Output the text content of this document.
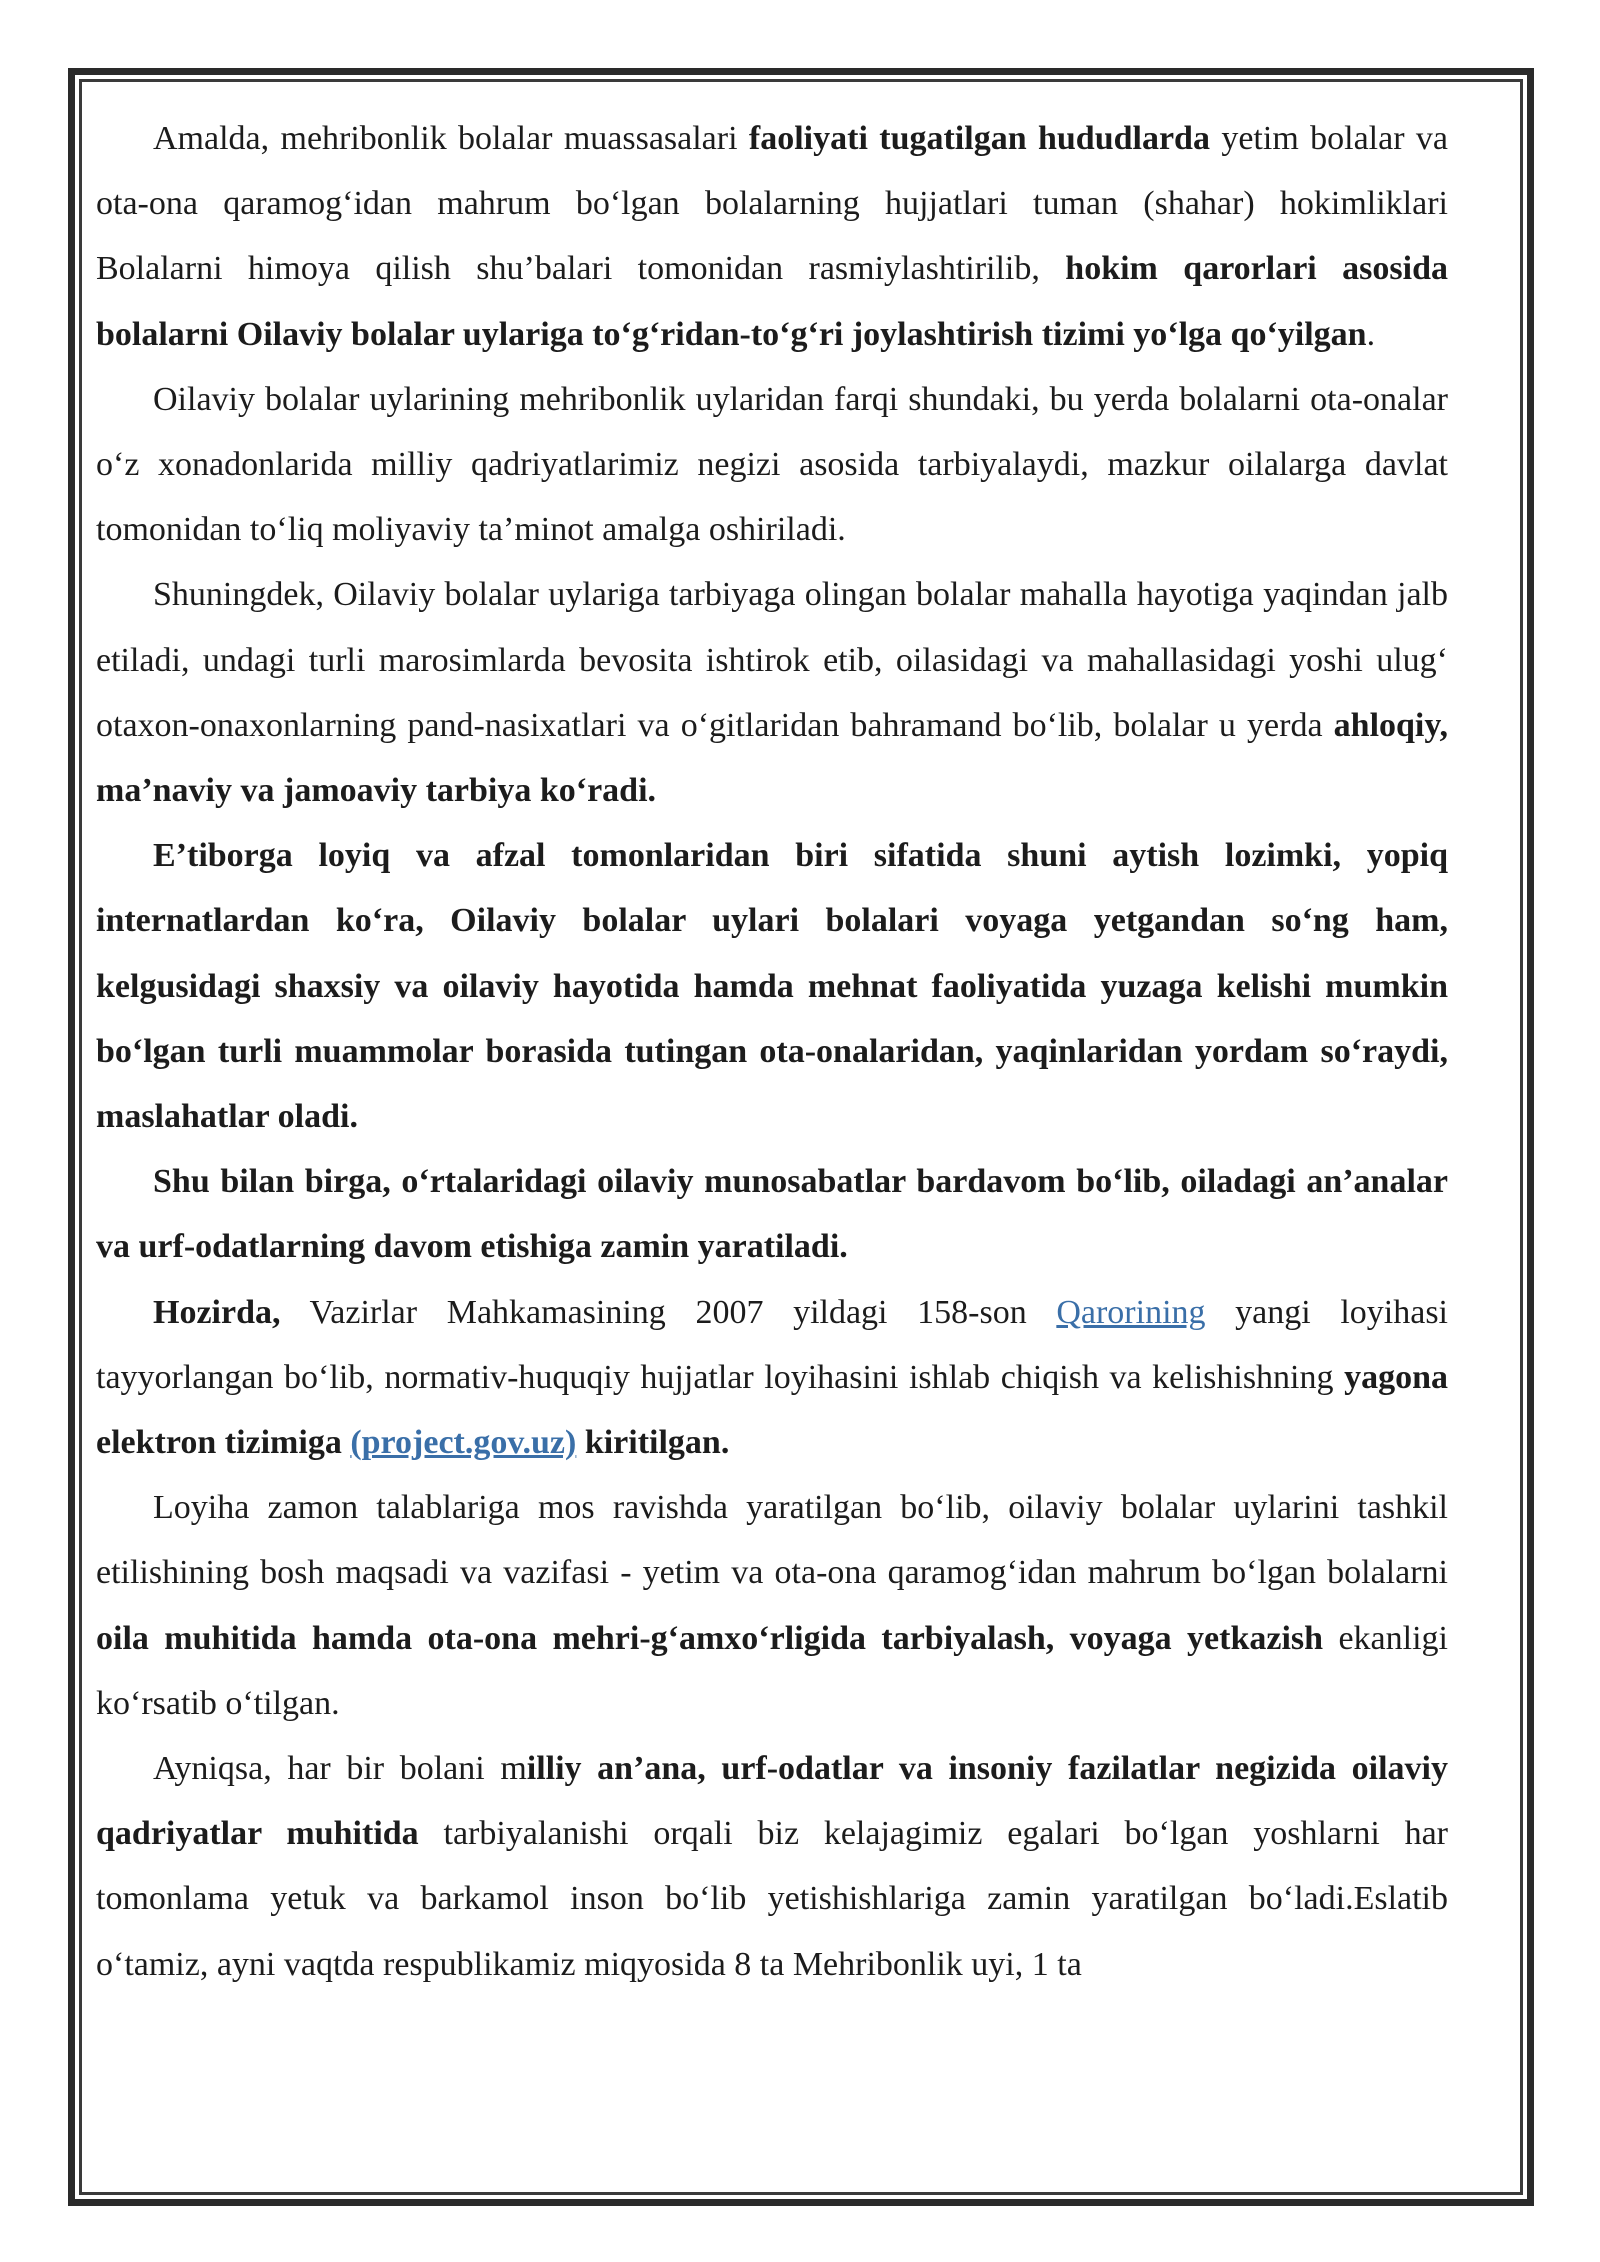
Amalda, mehribonlik bolalar muassasalari faoliyati tugatilgan hududlarda yetim bolalar va ota-ona qaramogʻidan mahrum boʻlgan bolalarning hujjatlari tuman (shahar) hokimliklari Bolalarni himoya qilish shu’balari tomonidan rasmiylashtirilib, hokim qarorlari asosida bolalarni Oilaviy bolalar uylariga toʻgʻridan-toʻgʻri joylashtirish tizimi yoʻlga qoʻyilgan.

Oilaviy bolalar uylarining mehribonlik uylaridan farqi shundaki, bu yerda bolalarni ota-onalar oʻz xonadonlarida milliy qadriyatlarimiz negizi asosida tarbiyalaydi, mazkur oilalarga davlat tomonidan toʻliq moliyaviy ta’minot amalga oshiriladi.

Shuningdek, Oilaviy bolalar uylariga tarbiyaga olingan bolalar mahalla hayotiga yaqindan jalb etiladi, undagi turli marosimlarda bevosita ishtirok etib, oilasidagi va mahallasidagi yoshi ulugʻ otaxon-onaxonlarning pand-nasixatlari va oʻgitlaridan bahramand boʻlib, bolalar u yerda ahloqiy, ma’naviy va jamoaviy tarbiya koʻradi.

E’tiborga loyiq va afzal tomonlaridan biri sifatida shuni aytish lozimki, yopiq internatlardan koʻra, Oilaviy bolalar uylari bolalari voyaga yetgandan soʻng ham, kelgusidagi shaxsiy va oilaviy hayotida hamda mehnat faoliyatida yuzaga kelishi mumkin boʻlgan turli muammolar borasida tutingan ota-onalaridan, yaqinlaridan yordam soʻraydi, maslahatlar oladi.

Shu bilan birga, oʻrtalaridagi oilaviy munosabatlar bardavom boʻlib, oiladagi an’analar va urf-odatlarning davom etishiga zamin yaratiladi.

Hozirda, Vazirlar Mahkamasining 2007 yildagi 158-son Qarorining yangi loyihasi tayyorlangan boʻlib, normativ-huquqiy hujjatlar loyihasini ishlab chiqish va kelishishning yagona elektron tizimiga (project.gov.uz) kiritilgan.

Loyiha zamon talablariga mos ravishda yaratilgan boʻlib, oilaviy bolalar uylarini tashkil etilishining bosh maqsadi va vazifasi - yetim va ota-ona qaramogʻidan mahrum boʻlgan bolalarni oila muhitida hamda ota-ona mehri-gʻamxoʻrligida tarbiyalash, voyaga yetkazish ekanligi koʻrsatib oʻtilgan.

Ayniqsa, har bir bolani milliy an’ana, urf-odatlar va insoniy fazilatlar negizida oilaviy qadriyatlar muhitida tarbiyalanishi orqali biz kelajagimiz egalari boʻlgan yoshlarni har tomonlama yetuk va barkamol inson boʻlib yetishishlariga zamin yaratilgan boʻladi.Eslatib oʻtamiz, ayni vaqtda respublikamiz miqyosida 8 ta Mehribonlik uyi, 1 ta
